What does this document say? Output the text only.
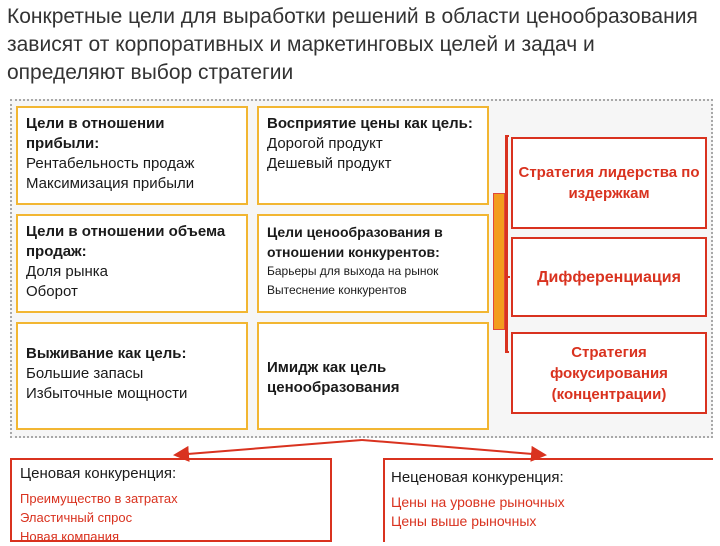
Конкретные цели для выработки решений в области ценообразования зависят от корпоративных и маркетинговых целей и задач и определяют выбор стратегии
Цели в отношении прибыли:
Рентабельность продаж
Максимизация прибыли
Цели в отношении объема продаж:
Доля рынка
Оборот
Выживание как цель:
Большие запасы
Избыточные мощности
Восприятие цены как цель:
Дорогой продукт
Дешевый продукт
Цели ценообразования в отношении конкурентов:
Барьеры для выхода на рынок
Вытеснение конкурентов
Имидж как цель ценообразования
Стратегия лидерства по издержкам
Дифференциация
Стратегия фокусирования (концентрации)
Ценовая конкуренция:
Преимущество в затратах
Эластичный спрос
Новая компания
Неценовая конкуренция:
Цены на уровне рыночных
Цены выше рыночных
